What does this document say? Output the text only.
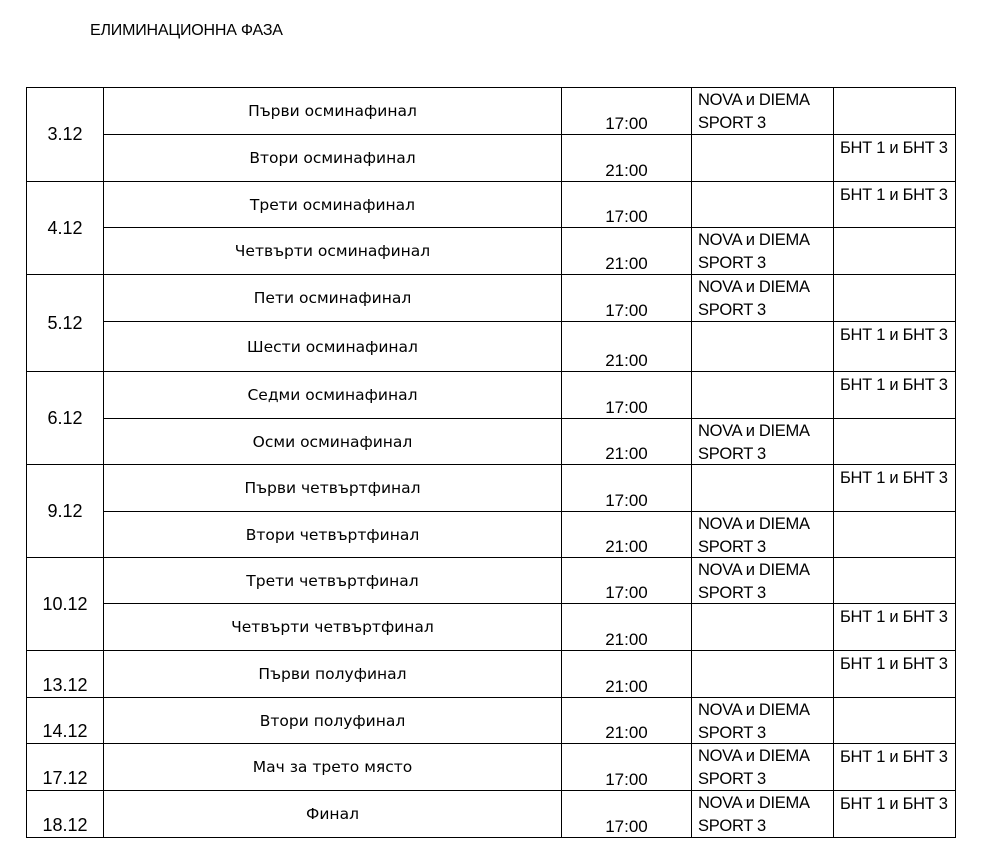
ЕЛИМИНАЦИОННА ФАЗА
3.12	Първи осминафинал	17:00	NOVA и DIEMA SPORT 3	

	Втори осминафинал	21:00		БНТ 1 и БНТ 3

4.12	Трети осминафинал	17:00		БНТ 1 и БНТ 3

	Четвърти осминафинал	21:00	NOVA и DIEMA SPORT 3	

5.12	Пети осминафинал	17:00	NOVA и DIEMA SPORT 3	

	Шести осминафинал	21:00		БНТ 1 и БНТ 3

6.12	Седми осминафинал	17:00		БНТ 1 и БНТ 3

	Осми осминафинал	21:00	NOVA и DIEMA SPORT 3	

9.12	Първи четвъртфинал	17:00		БНТ 1 и БНТ 3

	Втори четвъртфинал	21:00	NOVA и DIEMA SPORT 3	

10.12	Трети четвъртфинал	17:00	NOVA и DIEMA SPORT 3	

	Четвърти четвъртфинал	21:00		БНТ 1 и БНТ 3

13.12	Първи полуфинал	21:00		БНТ 1 и БНТ 3

14.12	Втори полуфинал	21:00	NOVA и DIEMA SPORT 3	

17.12	Мач за трето място	17:00	NOVA и DIEMA SPORT 3	БНТ 1 и БНТ 3

18.12	Финал	17:00	NOVA и DIEMA SPORT 3	БНТ 1 и БНТ 3
